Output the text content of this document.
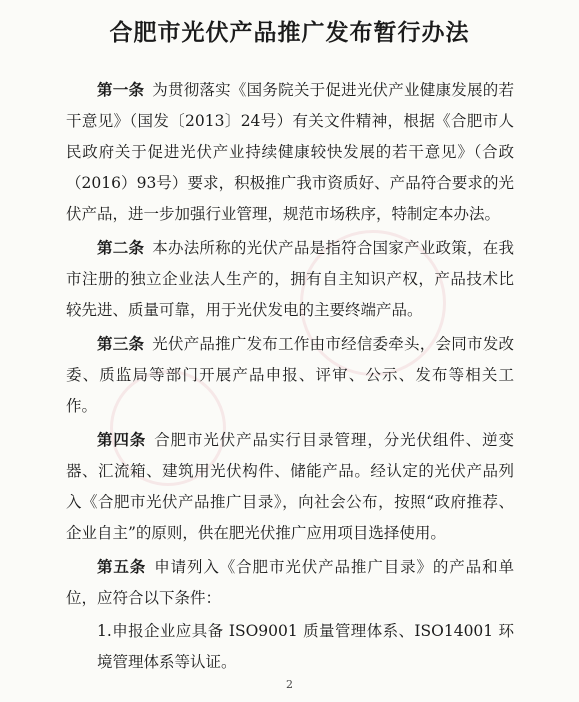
合肥市光伏产品推广发布暂行办法

第一条 为贯彻落实《国务院关于促进光伏产业健康发展的若干意见》（国发〔2013〕24号）有关文件精神，根据《合肥市人民政府关于促进光伏产业持续健康较快发展的若干意见》（合政（2016）93号）要求，积极推广我市资质好、产品符合要求的光伏产品，进一步加强行业管理，规范市场秩序，特制定本办法。

第二条 本办法所称的光伏产品是指符合国家产业政策，在我市注册的独立企业法人生产的，拥有自主知识产权，产品技术比较先进、质量可靠，用于光伏发电的主要终端产品。

第三条 光伏产品推广发布工作由市经信委牵头，会同市发改委、质监局等部门开展产品申报、评审、公示、发布等相关工作。

第四条 合肥市光伏产品实行目录管理，分光伏组件、逆变器、汇流箱、建筑用光伏构件、储能产品。经认定的光伏产品列入《合肥市光伏产品推广目录》，向社会公布，按照“政府推荐、企业自主”的原则，供在肥光伏推广应用项目选择使用。

第五条 申请列入《合肥市光伏产品推广目录》的产品和单位，应符合以下条件：

1.申报企业应具备 ISO9001 质量管理体系、ISO14001 环境管理体系等认证。

2
